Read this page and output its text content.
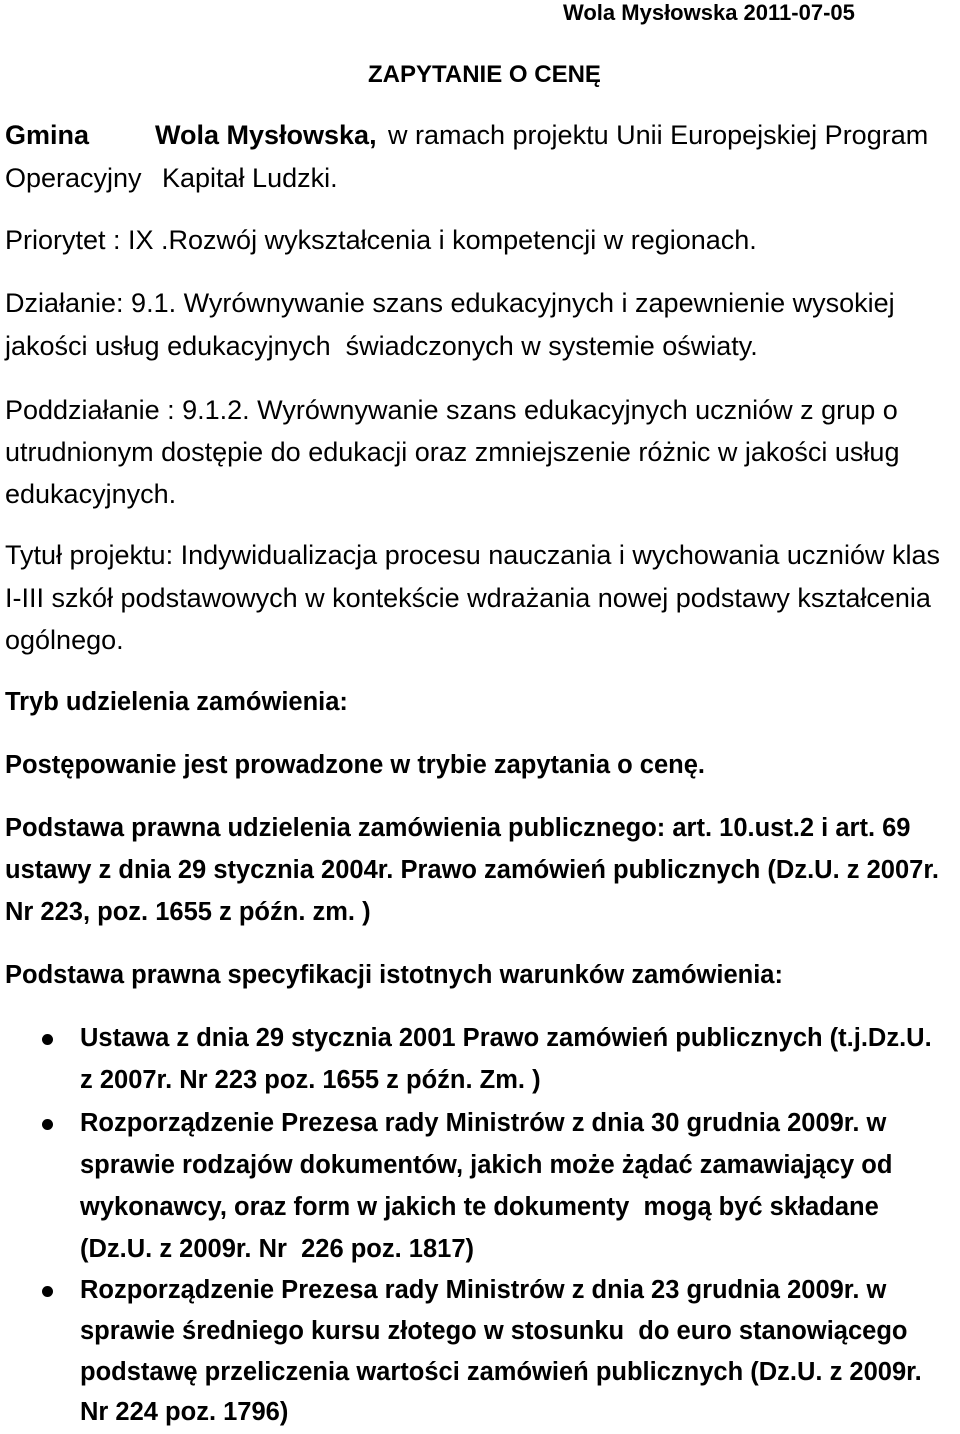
Wola Mysłowska 2011-07-05
ZAPYTANIE O CENĘ
Gmina Wola Mysłowska, w ramach projektu Unii Europejskiej Program
Operacyjny Kapitał Ludzki.
Priorytet : IX .Rozwój wykształcenia i kompetencji w regionach.
Działanie: 9.1. Wyrównywanie szans edukacyjnych i zapewnienie wysokiej
jakości usług edukacyjnych  świadczonych w systemie oświaty.
Poddziałanie : 9.1.2. Wyrównywanie szans edukacyjnych uczniów z grup o
utrudnionym dostępie do edukacji oraz zmniejszenie różnic w jakości usług
edukacyjnych.
Tytuł projektu: Indywidualizacja procesu nauczania i wychowania uczniów klas
I-III szkół podstawowych w kontekście wdrażania nowej podstawy kształcenia
ogólnego.
Tryb udzielenia zamówienia:
Postępowanie jest prowadzone w trybie zapytania o cenę.
Podstawa prawna udzielenia zamówienia publicznego: art. 10.ust.2 i art. 69
ustawy z dnia 29 stycznia 2004r. Prawo zamówień publicznych (Dz.U. z 2007r.
Nr 223, poz. 1655 z późn. zm. )
Podstawa prawna specyfikacji istotnych warunków zamówienia:
Ustawa z dnia 29 stycznia 2001 Prawo zamówień publicznych (t.j.Dz.U.
z 2007r. Nr 223 poz. 1655 z późn. Zm. )
Rozporządzenie Prezesa rady Ministrów z dnia 30 grudnia 2009r. w
sprawie rodzajów dokumentów, jakich może żądać zamawiający od
wykonawcy, oraz form w jakich te dokumenty  mogą być składane
(Dz.U. z 2009r. Nr  226 poz. 1817)
Rozporządzenie Prezesa rady Ministrów z dnia 23 grudnia 2009r. w
sprawie średniego kursu złotego w stosunku  do euro stanowiącego
podstawę przeliczenia wartości zamówień publicznych (Dz.U. z 2009r.
Nr 224 poz. 1796)
